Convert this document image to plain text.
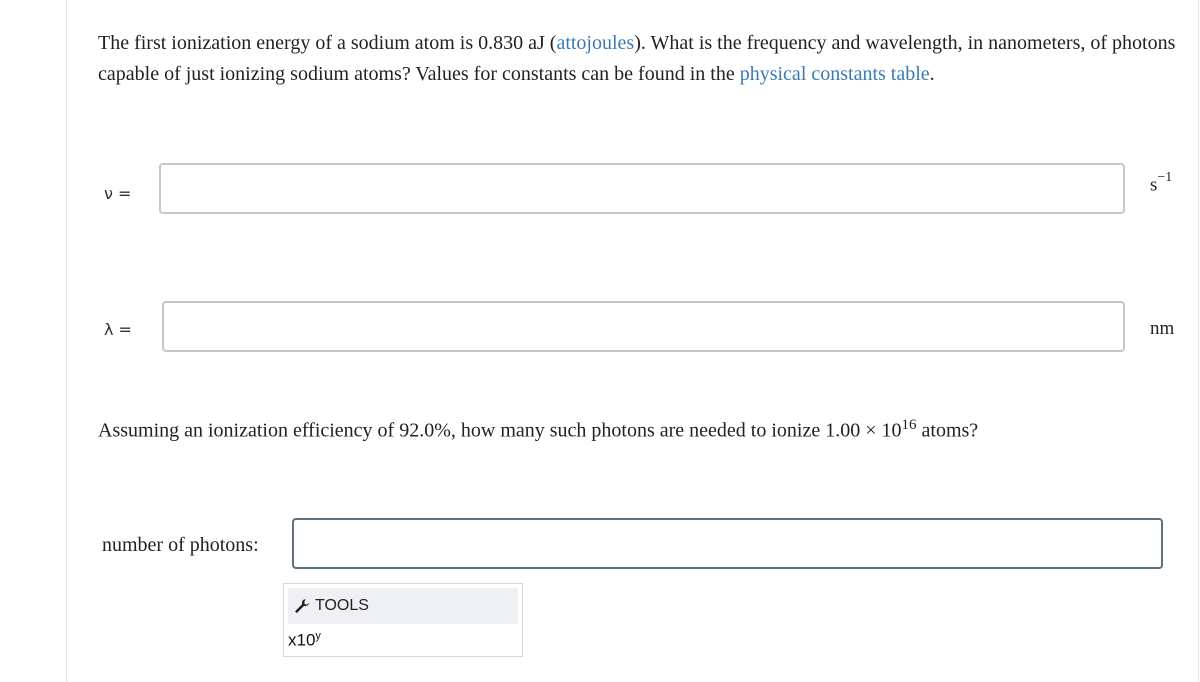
The first ionization energy of a sodium atom is 0.830 aJ (attojoules). What is the frequency and wavelength, in nanometers, of photons capable of just ionizing sodium atoms? Values for constants can be found in the physical constants table.
ν =	$s^{-1}$
λ =	nm
Assuming an ionization efficiency of 92.0%, how many such photons are needed to ionize $1.00 \times 10^{16}$ atoms?
number of photons:
TOOLS
x10$^y$
